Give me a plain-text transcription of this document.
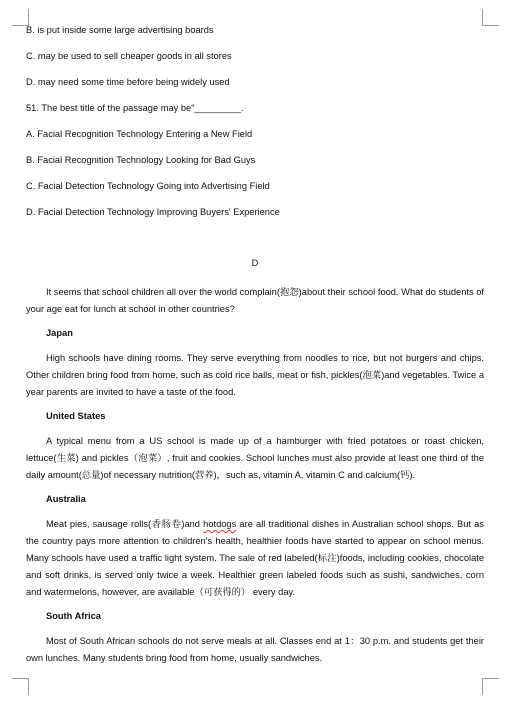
B. is put inside some large advertising boards

C. may be used to sell cheaper goods in all stores

D. may need some time before being widely used

51. The best title of the passage may be"_________.

A. Facial Recognition Technology Entering a New Field

B. Facial Recognition Technology Looking for Bad Guys

C. Facial Detection Technology Going into Advertising Field

D. Facial Detection Technology Improving Buyers' Experience

D

It seems that school children all over the world complain(抱怨)about their school food. What do students of your age eat for lunch at school in other countries?

Japan

High schools have dining rooms. They serve everything from noodles to rice, but not burgers and chips. Other children bring food from home, such as cold rice balls, meat or fish, pickles(泡菜)and vegetables. Twice a year parents are invited to have a taste of the food.

United States

A typical menu from a US school is made up of a hamburger with fried potatoes or roast chicken, lettuce(生菜) and pickles（泡菜）, fruit and cookies. School lunches must also provide at least one third of the daily amount(总量)of necessary nutrition(营养)，such as, vitamin A, vitamin C and calcium(钙).

Australia

Meat pies, sausage rolls(香肠卷)and hotdogs are all traditional dishes in Australian school shops. But as the country pays more attention to children's health, healthier foods have started to appear on school menus. Many schools have used a traffic light system. The sale of red labeled(标注)foods, including cookies, chocolate and soft drinks, is served only twice a week. Healthier green labeled foods such as sushi, sandwiches, corn and watermelons, however, are available（可获得的） every day.

South Africa

Most of South African schools do not serve meals at all. Classes end at 1：30 p.m. and students get their own lunches. Many students bring food from home, usually sandwiches.
